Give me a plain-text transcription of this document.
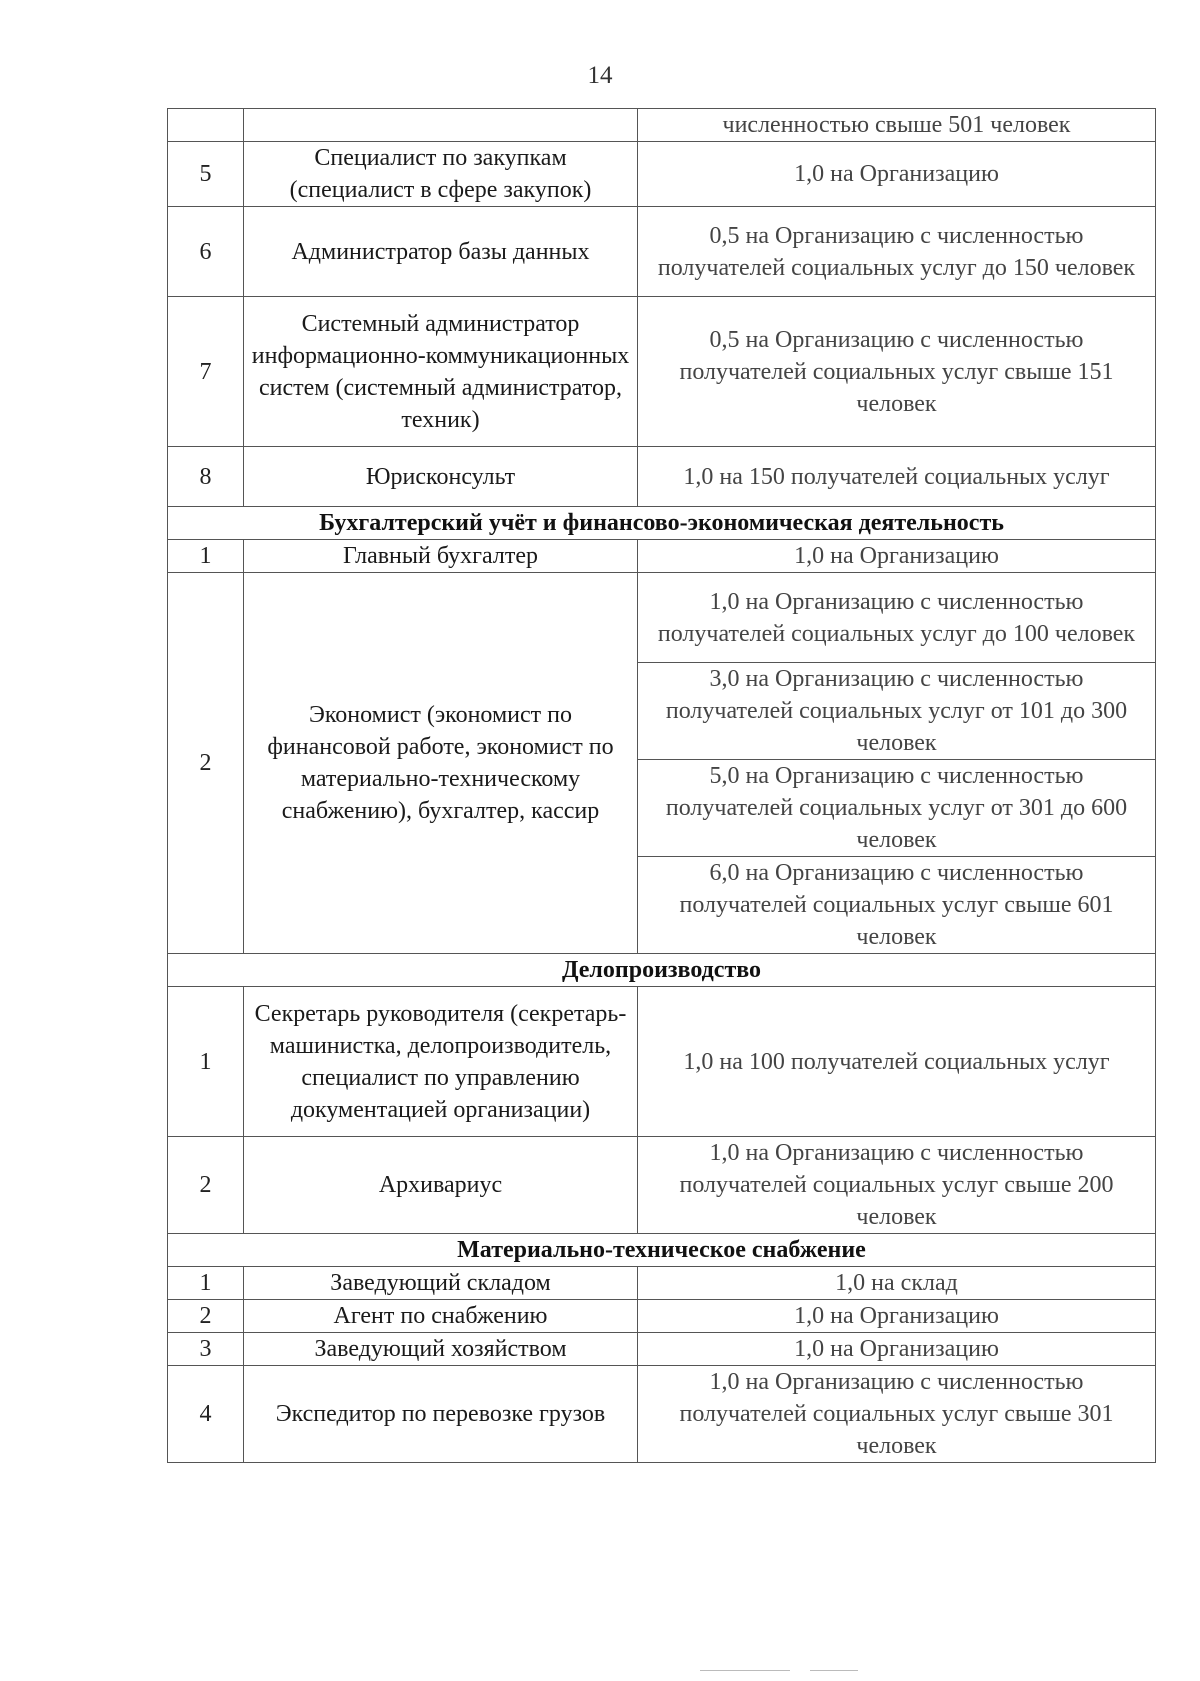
14
		численностью свыше 501 человек
5	Специалист по закупкам (специалист в сфере закупок)	1,0 на Организацию
6	Администратор базы данных	0,5 на Организацию с численностью получателей социальных услуг до 150 человек
7	Системный администратор информационно-коммуникационных систем (системный администратор, техник)	0,5 на Организацию с численностью получателей социальных услуг свыше 151 человек
8	Юрисконсульт	1,0 на 150 получателей социальных услуг
Бухгалтерский учёт и финансово-экономическая деятельность		
1	Главный бухгалтер	1,0 на Организацию
2	Экономист (экономист по финансовой работе, экономист по материально-техническому снабжению), бухгалтер, кассир	1,0 на Организацию с численностью получателей социальных услуг до 100 человек
		3,0 на Организацию с численностью получателей социальных услуг от 101 до 300 человек
		5,0 на Организацию с численностью получателей социальных услуг от 301 до 600 человек
		6,0 на Организацию с численностью получателей социальных услуг свыше 601 человек
Делопроизводство		
1	Секретарь руководителя (секретарь-машинистка, делопроизводитель, специалист по управлению документацией организации)	1,0 на 100 получателей социальных услуг
2	Архивариус	1,0 на Организацию с численностью получателей социальных услуг свыше 200 человек
Материально-техническое снабжение		
1	Заведующий складом	1,0 на склад
2	Агент по снабжению	1,0 на Организацию
3	Заведующий хозяйством	1,0 на Организацию
4	Экспедитор по перевозке грузов	1,0 на Организацию с численностью получателей социальных услуг свыше 301 человек
